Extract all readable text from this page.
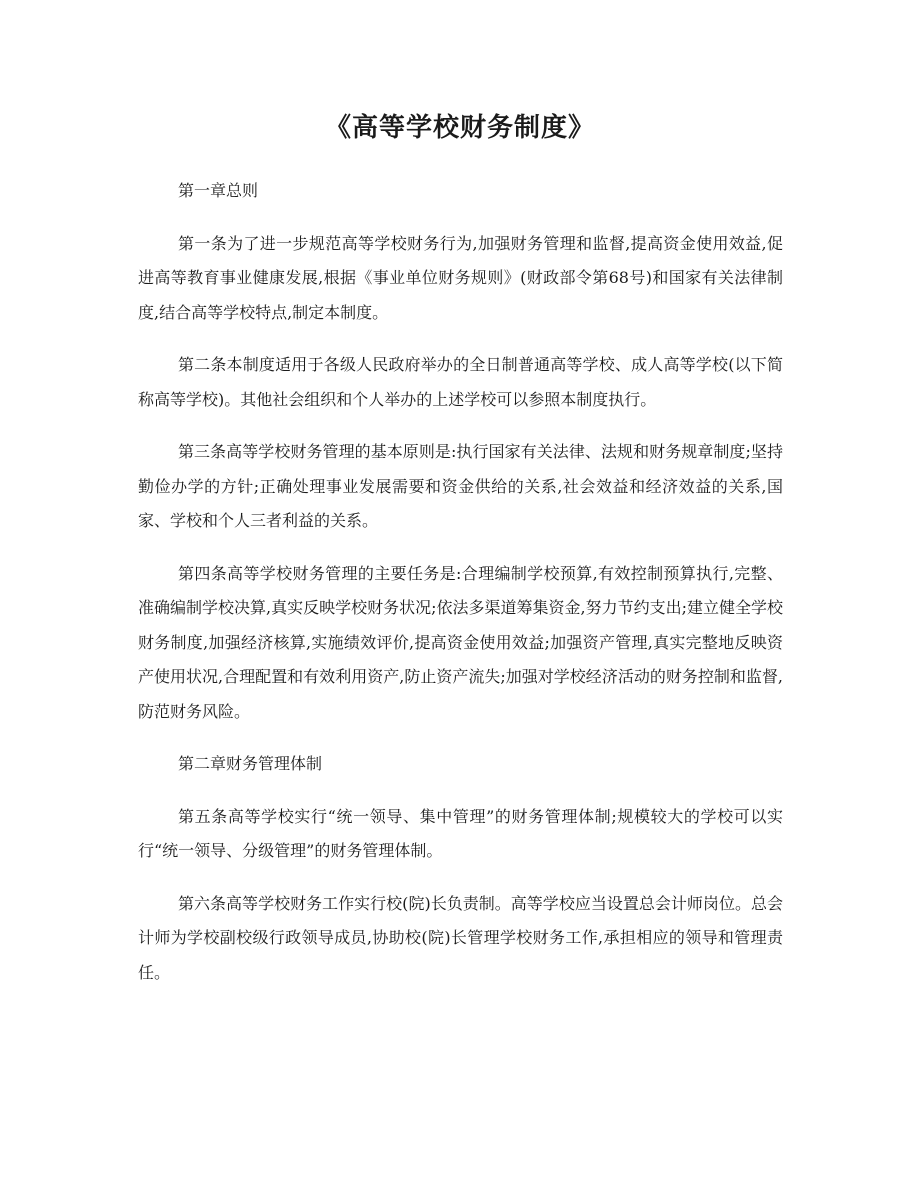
《高等学校财务制度》

第一章总则

第一条为了进一步规范高等学校财务行为,加强财务管理和监督,提高资金使用效益,促进高等教育事业健康发展,根据《事业单位财务规则》(财政部令第68号)和国家有关法律制度,结合高等学校特点,制定本制度。

第二条本制度适用于各级人民政府举办的全日制普通高等学校、成人高等学校(以下简称高等学校)。其他社会组织和个人举办的上述学校可以参照本制度执行。

第三条高等学校财务管理的基本原则是:执行国家有关法律、法规和财务规章制度;坚持勤俭办学的方针;正确处理事业发展需要和资金供给的关系,社会效益和经济效益的关系,国家、学校和个人三者利益的关系。

第四条高等学校财务管理的主要任务是:合理编制学校预算,有效控制预算执行,完整、准确编制学校决算,真实反映学校财务状况;依法多渠道筹集资金,努力节约支出;建立健全学校财务制度,加强经济核算,实施绩效评价,提高资金使用效益;加强资产管理,真实完整地反映资产使用状况,合理配置和有效利用资产,防止资产流失;加强对学校经济活动的财务控制和监督,防范财务风险。

第二章财务管理体制

第五条高等学校实行“统一领导、集中管理”的财务管理体制;规模较大的学校可以实行“统一领导、分级管理”的财务管理体制。

第六条高等学校财务工作实行校(院)长负责制。高等学校应当设置总会计师岗位。总会计师为学校副校级行政领导成员,协助校(院)长管理学校财务工作,承担相应的领导和管理责任。
